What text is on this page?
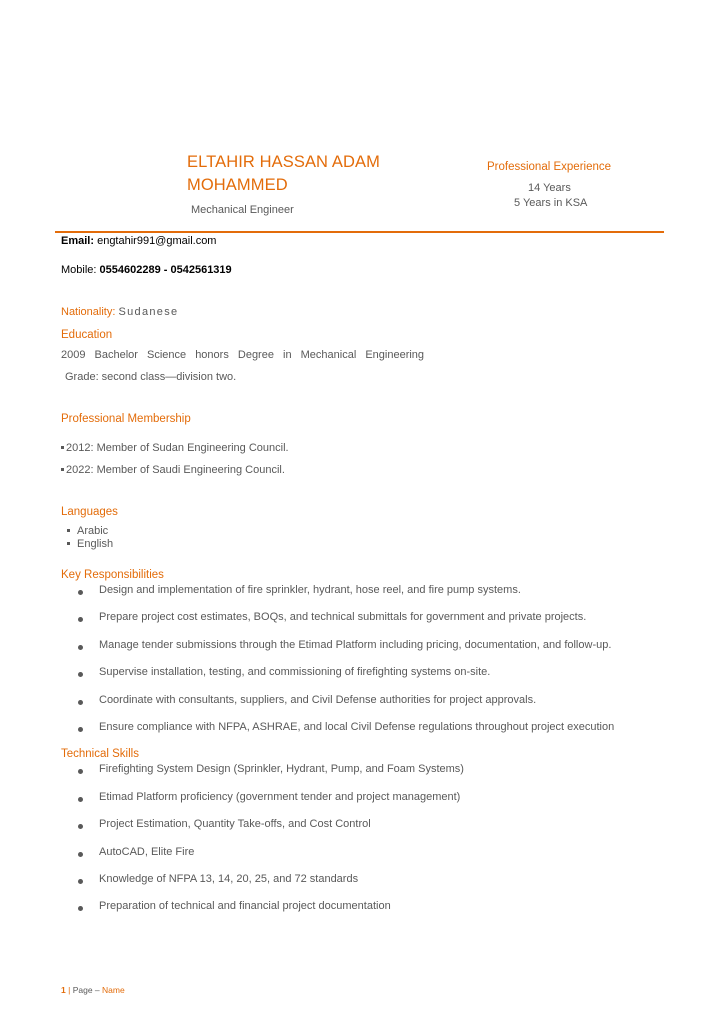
ELTAHIR HASSAN ADAM
MOHAMMED
Mechanical Engineer
Professional Experience
14 Years
5 Years in KSA
Email: engtahir991@gmail.com
Mobile: 0554602289 - 0542561319
Nationality: Sudanese
Education
2009 Bachelor Science honors Degree in Mechanical Engineering
Grade: second class—division two.
Professional Membership
2012: Member of Sudan Engineering Council.
2022: Member of Saudi Engineering Council.
Languages
Arabic
English
Key Responsibilities
Design and implementation of fire sprinkler, hydrant, hose reel, and fire pump systems.
Prepare project cost estimates, BOQs, and technical submittals for government and private projects.
Manage tender submissions through the Etimad Platform including pricing, documentation, and follow-up.
Supervise installation, testing, and commissioning of firefighting systems on-site.
Coordinate with consultants, suppliers, and Civil Defense authorities for project approvals.
Ensure compliance with NFPA, ASHRAE, and local Civil Defense regulations throughout project execution
Technical Skills
Firefighting System Design (Sprinkler, Hydrant, Pump, and Foam Systems)
Etimad Platform proficiency (government tender and project management)
Project Estimation, Quantity Take-offs, and Cost Control
AutoCAD, Elite Fire
Knowledge of NFPA 13, 14, 20, 25, and 72 standards
Preparation of technical and financial project documentation
1 | Page – Name
